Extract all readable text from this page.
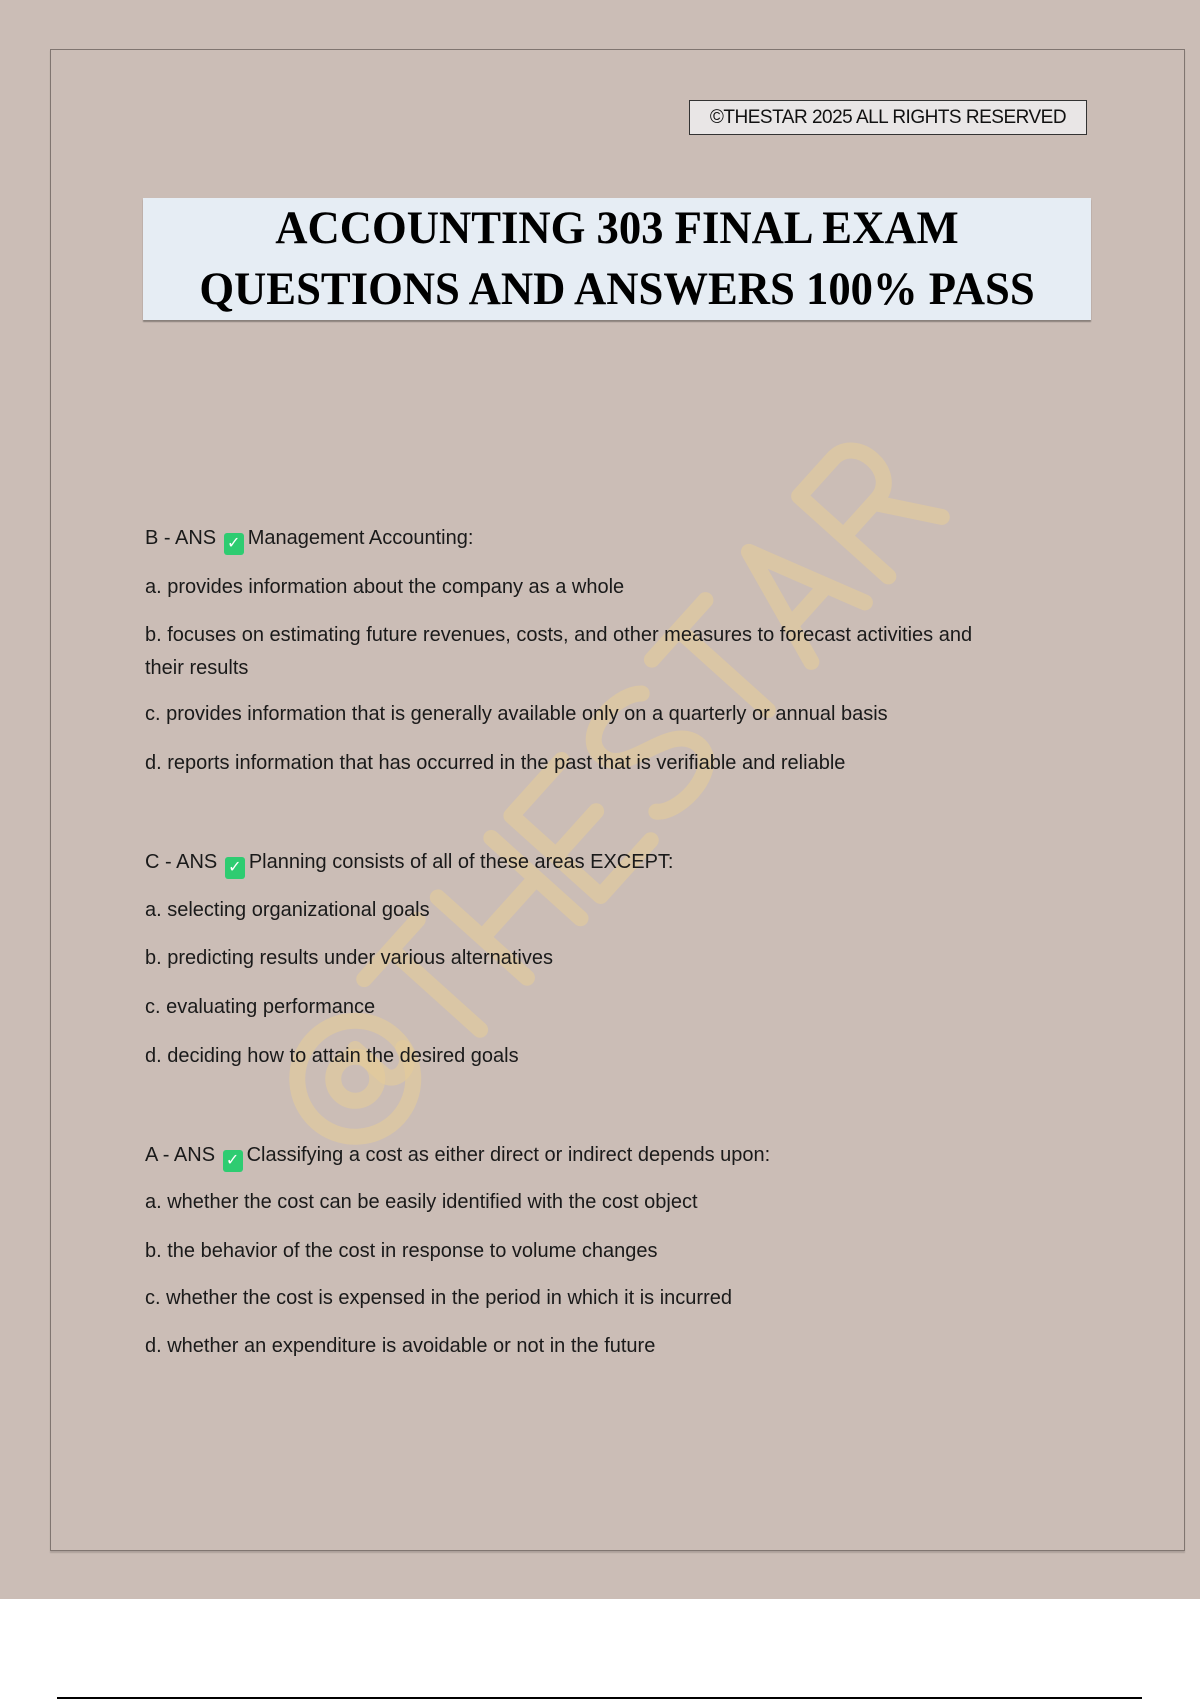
©THESTAR 2025 ALL RIGHTS RESERVED
ACCOUNTING 303 FINAL EXAM
QUESTIONS AND ANSWERS 100% PASS
B - ANS ✓ Management Accounting:
a. provides information about the company as a whole
b. focuses on estimating future revenues, costs, and other measures to forecast activities and
their results
c. provides information that is generally available only on a quarterly or annual basis
d. reports information that has occurred in the past that is verifiable and reliable
C - ANS ✓ Planning consists of all of these areas EXCEPT:
a. selecting organizational goals
b. predicting results under various alternatives
c. evaluating performance
d. deciding how to attain the desired goals
A - ANS ✓ Classifying a cost as either direct or indirect depends upon:
a. whether the cost can be easily identified with the cost object
b. the behavior of the cost in response to volume changes
c. whether the cost is expensed in the period in which it is incurred
d. whether an expenditure is avoidable or not in the future
